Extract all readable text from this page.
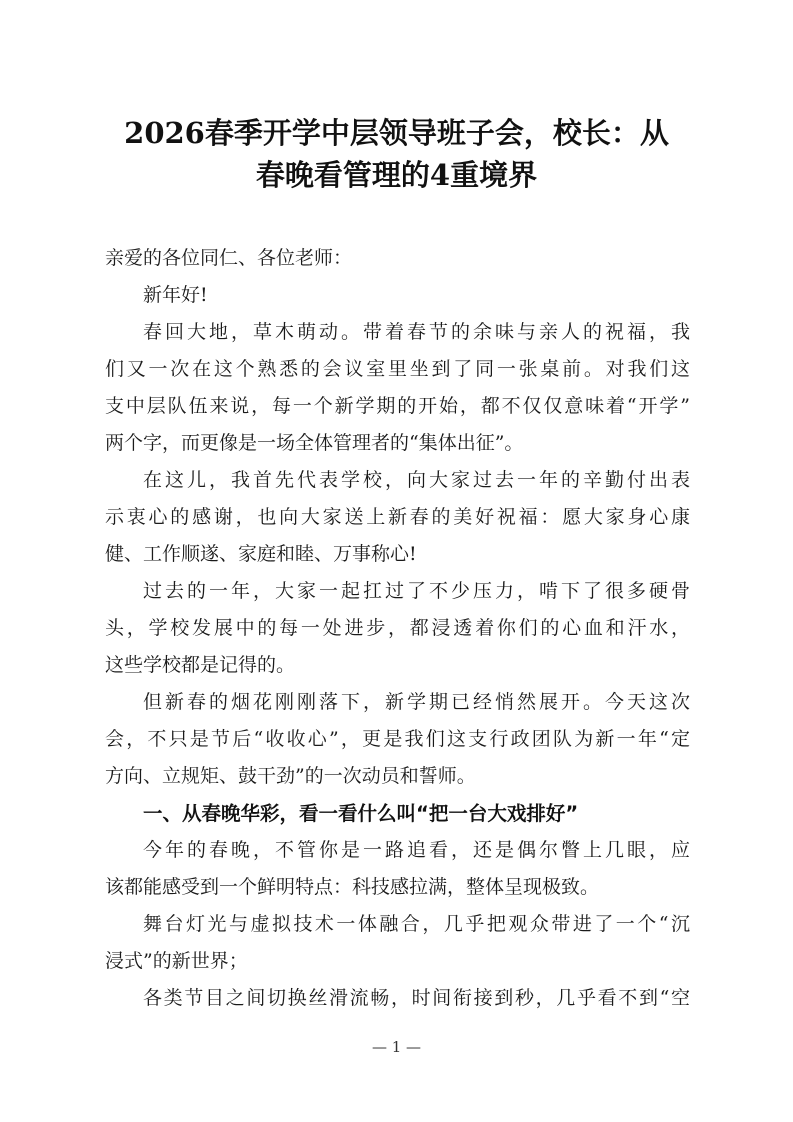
2026春季开学中层领导班子会，校长：从
春晚看管理的4重境界
亲爱的各位同仁、各位老师：
新年好!
春回大地，草木萌动。带着春节的余味与亲人的祝福，我
们又一次在这个熟悉的会议室里坐到了同一张桌前。对我们这
支中层队伍来说，每一个新学期的开始，都不仅仅意味着“开学”
两个字，而更像是一场全体管理者的“集体出征”。
在这儿，我首先代表学校，向大家过去一年的辛勤付出表
示衷心的感谢，也向大家送上新春的美好祝福：愿大家身心康
健、工作顺遂、家庭和睦、万事称心!
过去的一年，大家一起扛过了不少压力，啃下了很多硬骨
头，学校发展中的每一处进步，都浸透着你们的心血和汗水，
这些学校都是记得的。
但新春的烟花刚刚落下，新学期已经悄然展开。今天这次
会，不只是节后“收收心”，更是我们这支行政团队为新一年“定
方向、立规矩、鼓干劲”的一次动员和誓师。
一、从春晚华彩，看一看什么叫“把一台大戏排好”
今年的春晚，不管你是一路追看，还是偶尔瞥上几眼，应
该都能感受到一个鲜明特点：科技感拉满，整体呈现极致。
舞台灯光与虚拟技术一体融合，几乎把观众带进了一个“沉
浸式”的新世界；
各类节目之间切换丝滑流畅，时间衔接到秒，几乎看不到“空
— 1 —
